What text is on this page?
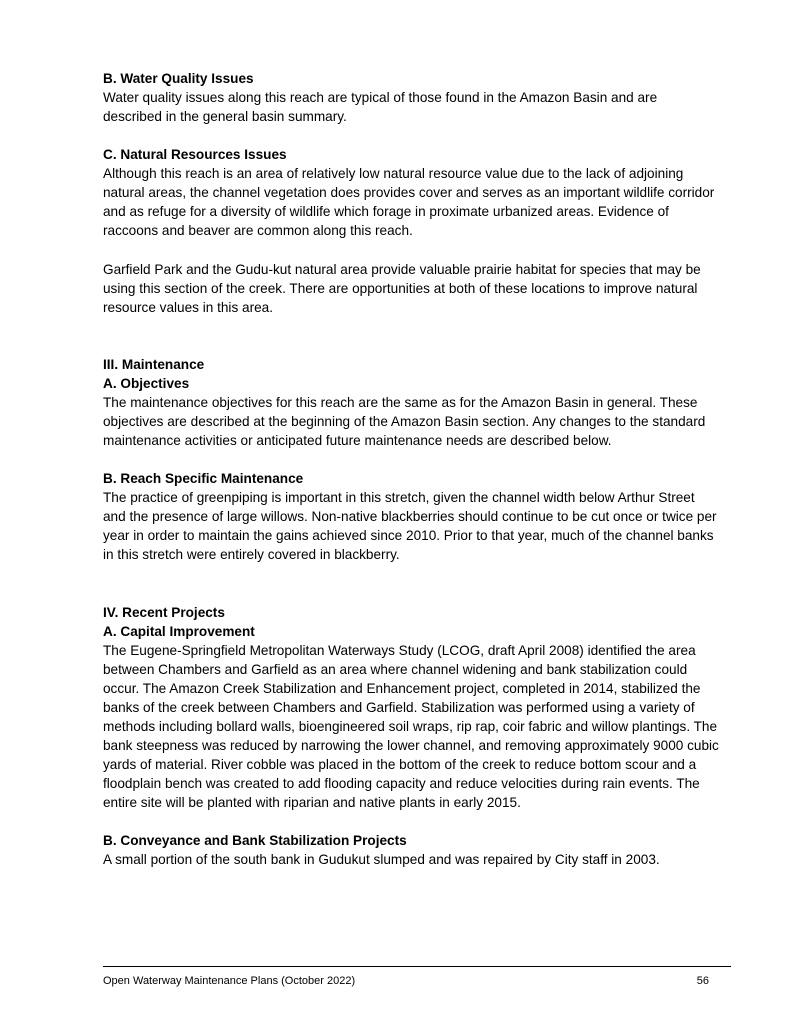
B. Water Quality Issues

Water quality issues along this reach are typical of those found in the Amazon Basin and are described in the general basin summary.

C. Natural Resources Issues

Although this reach is an area of relatively low natural resource value due to the lack of adjoining natural areas, the channel vegetation does provides cover and serves as an important wildlife corridor and as refuge for a diversity of wildlife which forage in proximate urbanized areas. Evidence of raccoons and beaver are common along this reach.

Garfield Park and the Gudu-kut natural area provide valuable prairie habitat for species that may be using this section of the creek. There are opportunities at both of these locations to improve natural resource values in this area.

III. Maintenance

A. Objectives

The maintenance objectives for this reach are the same as for the Amazon Basin in general. These objectives are described at the beginning of the Amazon Basin section. Any changes to the standard maintenance activities or anticipated future maintenance needs are described below.

B. Reach Specific Maintenance

The practice of greenpiping is important in this stretch, given the channel width below Arthur Street and the presence of large willows. Non-native blackberries should continue to be cut once or twice per year in order to maintain the gains achieved since 2010. Prior to that year, much of the channel banks in this stretch were entirely covered in blackberry.

IV. Recent Projects

A. Capital Improvement

The Eugene-Springfield Metropolitan Waterways Study (LCOG, draft April 2008) identified the area between Chambers and Garfield as an area where channel widening and bank stabilization could occur. The Amazon Creek Stabilization and Enhancement project, completed in 2014, stabilized the banks of the creek between Chambers and Garfield. Stabilization was performed using a variety of methods including bollard walls, bioengineered soil wraps, rip rap, coir fabric and willow plantings. The bank steepness was reduced by narrowing the lower channel, and removing approximately 9000 cubic yards of material. River cobble was placed in the bottom of the creek to reduce bottom scour and a floodplain bench was created to add flooding capacity and reduce velocities during rain events. The entire site will be planted with riparian and native plants in early 2015.

B. Conveyance and Bank Stabilization Projects

A small portion of the south bank in Gudukut slumped and was repaired by City staff in 2003.

Open Waterway Maintenance Plans (October 2022)	56
